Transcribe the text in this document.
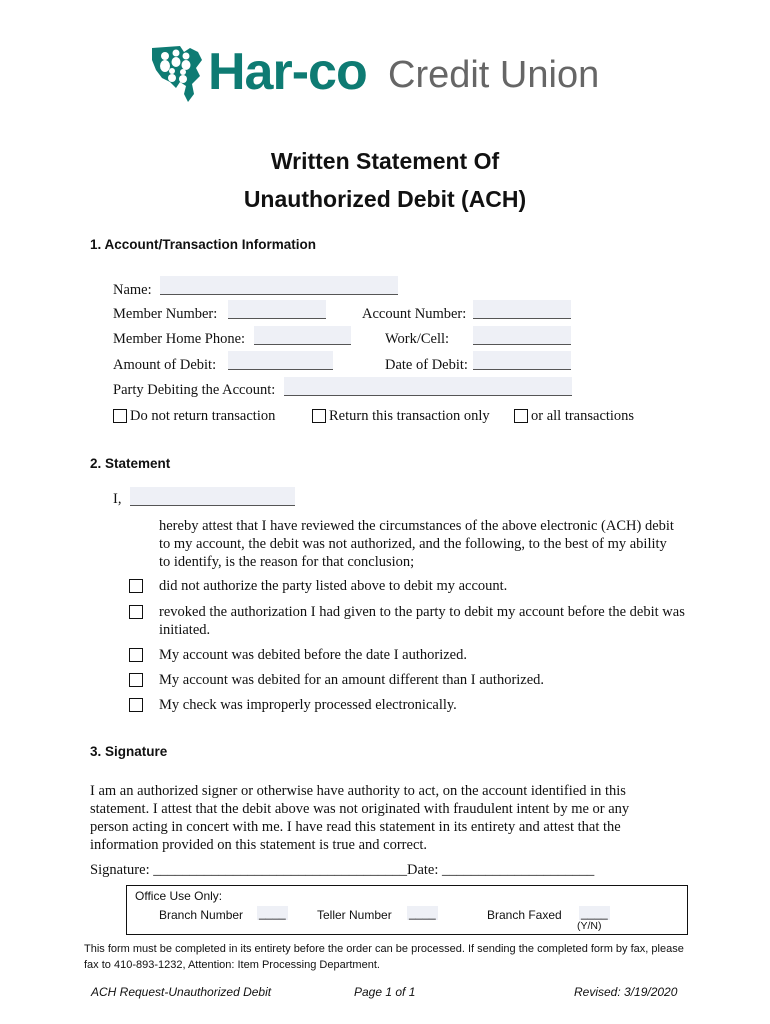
Har-co Credit Union
Written Statement Of
Unauthorized Debit (ACH)
1. Account/Transaction Information
Name:
Member Number:	Account Number:
Member Home Phone:	Work/Cell:
Amount of Debit:	Date of Debit:
Party Debiting the Account:
Do not return transaction	Return this transaction only	or all transactions
2. Statement
I,
hereby attest that I have reviewed the circumstances of the above electronic (ACH) debit to my account, the debit was not authorized, and the following, to the best of my ability to identify, is the reason for that conclusion;
did not authorize the party listed above to debit my account.
revoked the authorization I had given to the party to debit my account before the debit was initiated.
My account was debited before the date I authorized.
My account was debited for an amount different than I authorized.
My check was improperly processed electronically.
3. Signature
I am an authorized signer or otherwise have authority to act, on the account identified in this statement. I attest that the debit above was not originated with fraudulent intent by me or any person acting in concert with me. I have read this statement in its entirety and attest that the information provided on this statement is true and correct.
Signature: ___________________________________Date: _____________________
Office Use Only:
Branch Number ____	Teller Number ____	Branch Faxed ____
(Y/N)
This form must be completed in its entirety before the order can be processed. If sending the completed form by fax, please fax to 410-893-1232, Attention: Item Processing Department.
ACH Request-Unauthorized Debit	Page 1 of 1	Revised: 3/19/2020
